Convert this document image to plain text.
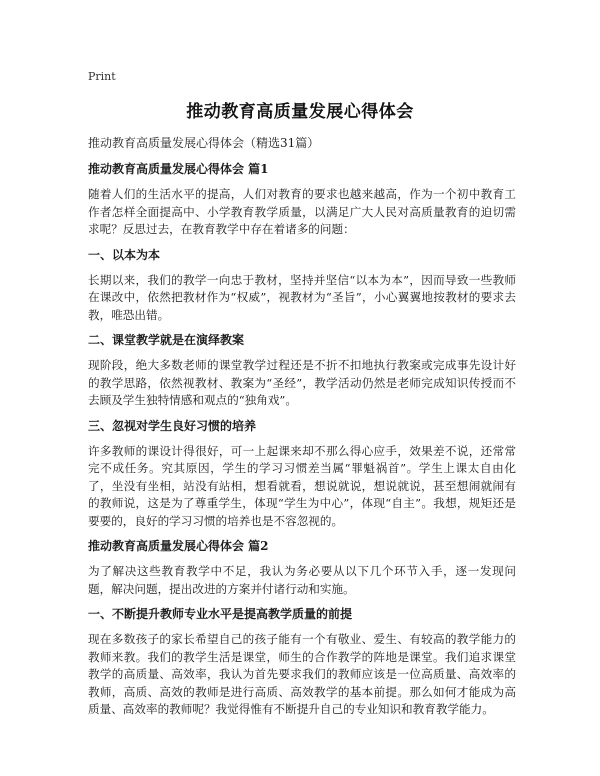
Print
推动教育高质量发展心得体会
推动教育高质量发展心得体会（精选31篇）
推动教育高质量发展心得体会 篇1
随着人们的生活水平的提高，人们对教育的要求也越来越高，作为一个初中教育工作者怎样全面提高中、小学教育教学质量，以满足广大人民对高质量教育的迫切需求呢？反思过去，在教育教学中存在着诸多的问题：
一、以本为本
长期以来，我们的教学一向忠于教材，坚持并坚信“以本为本”，因而导致一些教师在课改中，依然把教材作为“权威”，视教材为“圣旨”，小心翼翼地按教材的要求去教，唯恐出错。
二、课堂教学就是在演绎教案
现阶段，绝大多数老师的课堂教学过程还是不折不扣地执行教案或完成事先设计好的教学思路，依然视教材、教案为“圣经”，教学活动仍然是老师完成知识传授而不去顾及学生独特情感和观点的“独角戏”。
三、忽视对学生良好习惯的培养
许多教师的课设计得很好，可一上起课来却不那么得心应手，效果差不说，还常常完不成任务。究其原因，学生的学习习惯差当属“罪魁祸首”。学生上课太自由化了，坐没有坐相，站没有站相，想看就看，想说就说，想说就说，甚至想闹就闹有的教师说，这是为了尊重学生，体现“学生为中心”，体现“自主”。我想，规矩还是要要的，良好的学习习惯的培养也是不容忽视的。
推动教育高质量发展心得体会 篇2
为了解决这些教育教学中不足，我认为务必要从以下几个环节入手，逐一发现问题，解决问题，提出改进的方案并付诸行动和实施。
一、不断提升教师专业水平是提高教学质量的前提
现在多数孩子的家长希望自己的孩子能有一个有敬业、爱生、有较高的教学能力的教师来教。我们的教学生活是课堂，师生的合作教学的阵地是课堂。我们追求课堂教学的高质量、高效率，我认为首先要求我们的教师应该是一位高质量、高效率的教师，高质、高效的教师是进行高质、高效教学的基本前提。那么如何才能成为高质量、高效率的教师呢？我觉得惟有不断提升自己的专业知识和教育教学能力。
